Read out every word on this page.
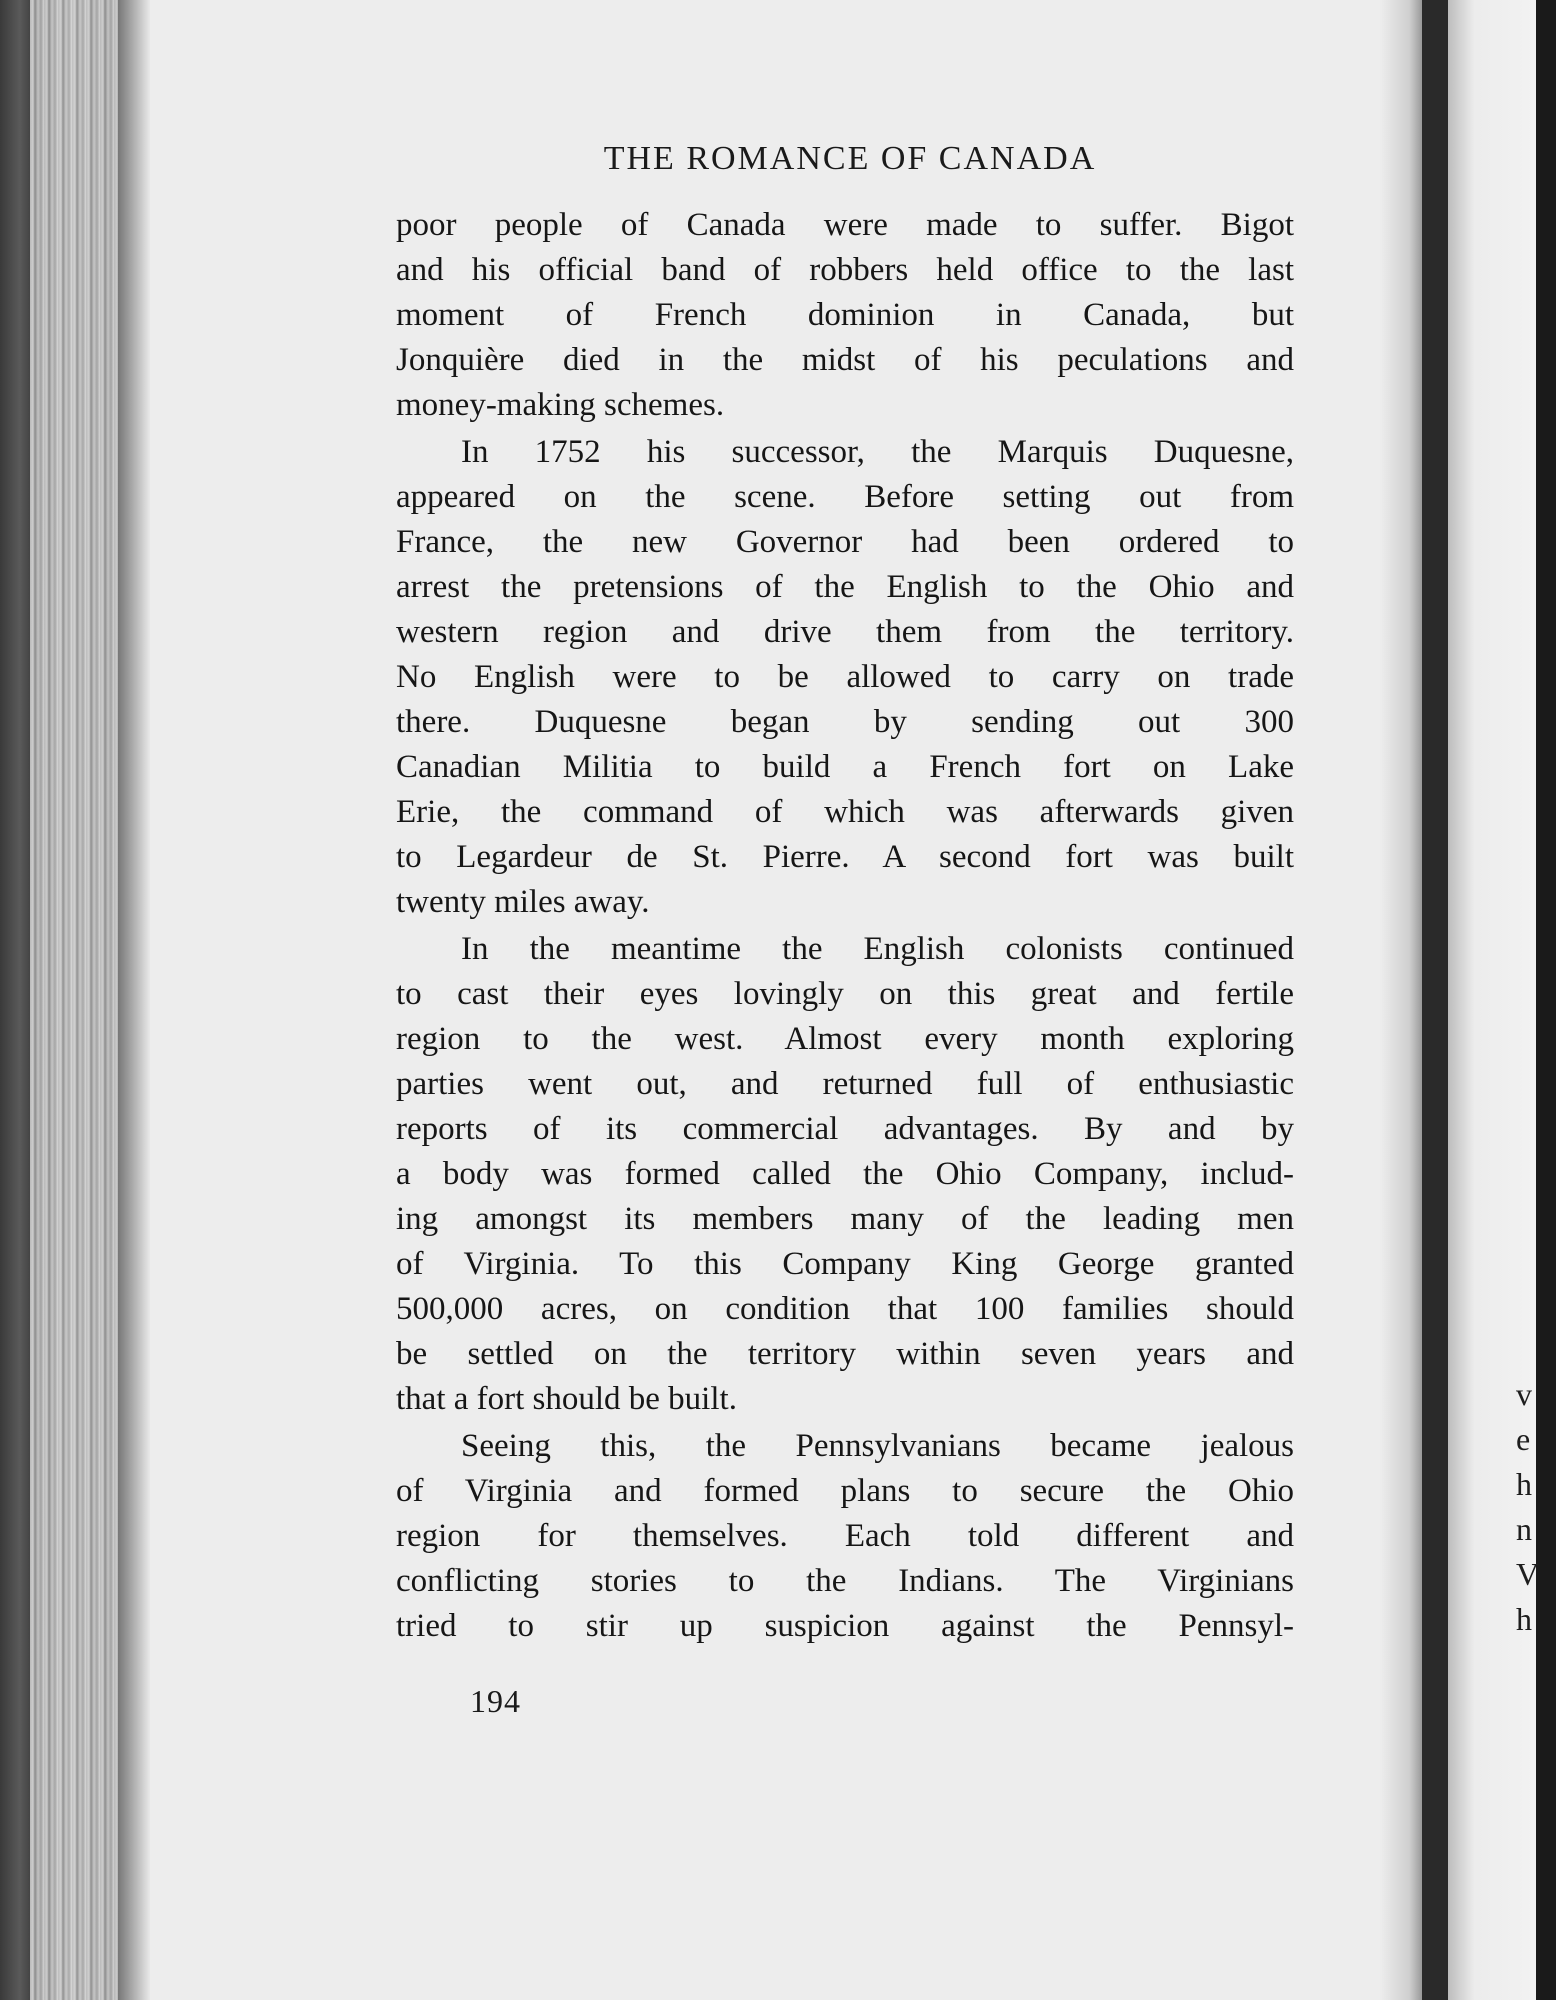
v
e
h
n
V
h
THE ROMANCE OF CANADA

poor people of Canada were made to suffer. Bigot
and his official band of robbers held office to the last
moment of French dominion in Canada, but
Jonquière died in the midst of his peculations and
money-making schemes.

In 1752 his successor, the Marquis Duquesne,
appeared on the scene. Before setting out from
France, the new Governor had been ordered to
arrest the pretensions of the English to the Ohio and
western region and drive them from the territory.
No English were to be allowed to carry on trade
there. Duquesne began by sending out 300
Canadian Militia to build a French fort on Lake
Erie, the command of which was afterwards given
to Legardeur de St. Pierre. A second fort was built
twenty miles away.

In the meantime the English colonists continued
to cast their eyes lovingly on this great and fertile
region to the west. Almost every month exploring
parties went out, and returned full of enthusiastic
reports of its commercial advantages. By and by
a body was formed called the Ohio Company, includ-
ing amongst its members many of the leading men
of Virginia. To this Company King George granted
500,000 acres, on condition that 100 families should
be settled on the territory within seven years and
that a fort should be built.

Seeing this, the Pennsylvanians became jealous
of Virginia and formed plans to secure the Ohio
region for themselves. Each told different and
conflicting stories to the Indians. The Virginians
tried to stir up suspicion against the Pennsyl-

194
